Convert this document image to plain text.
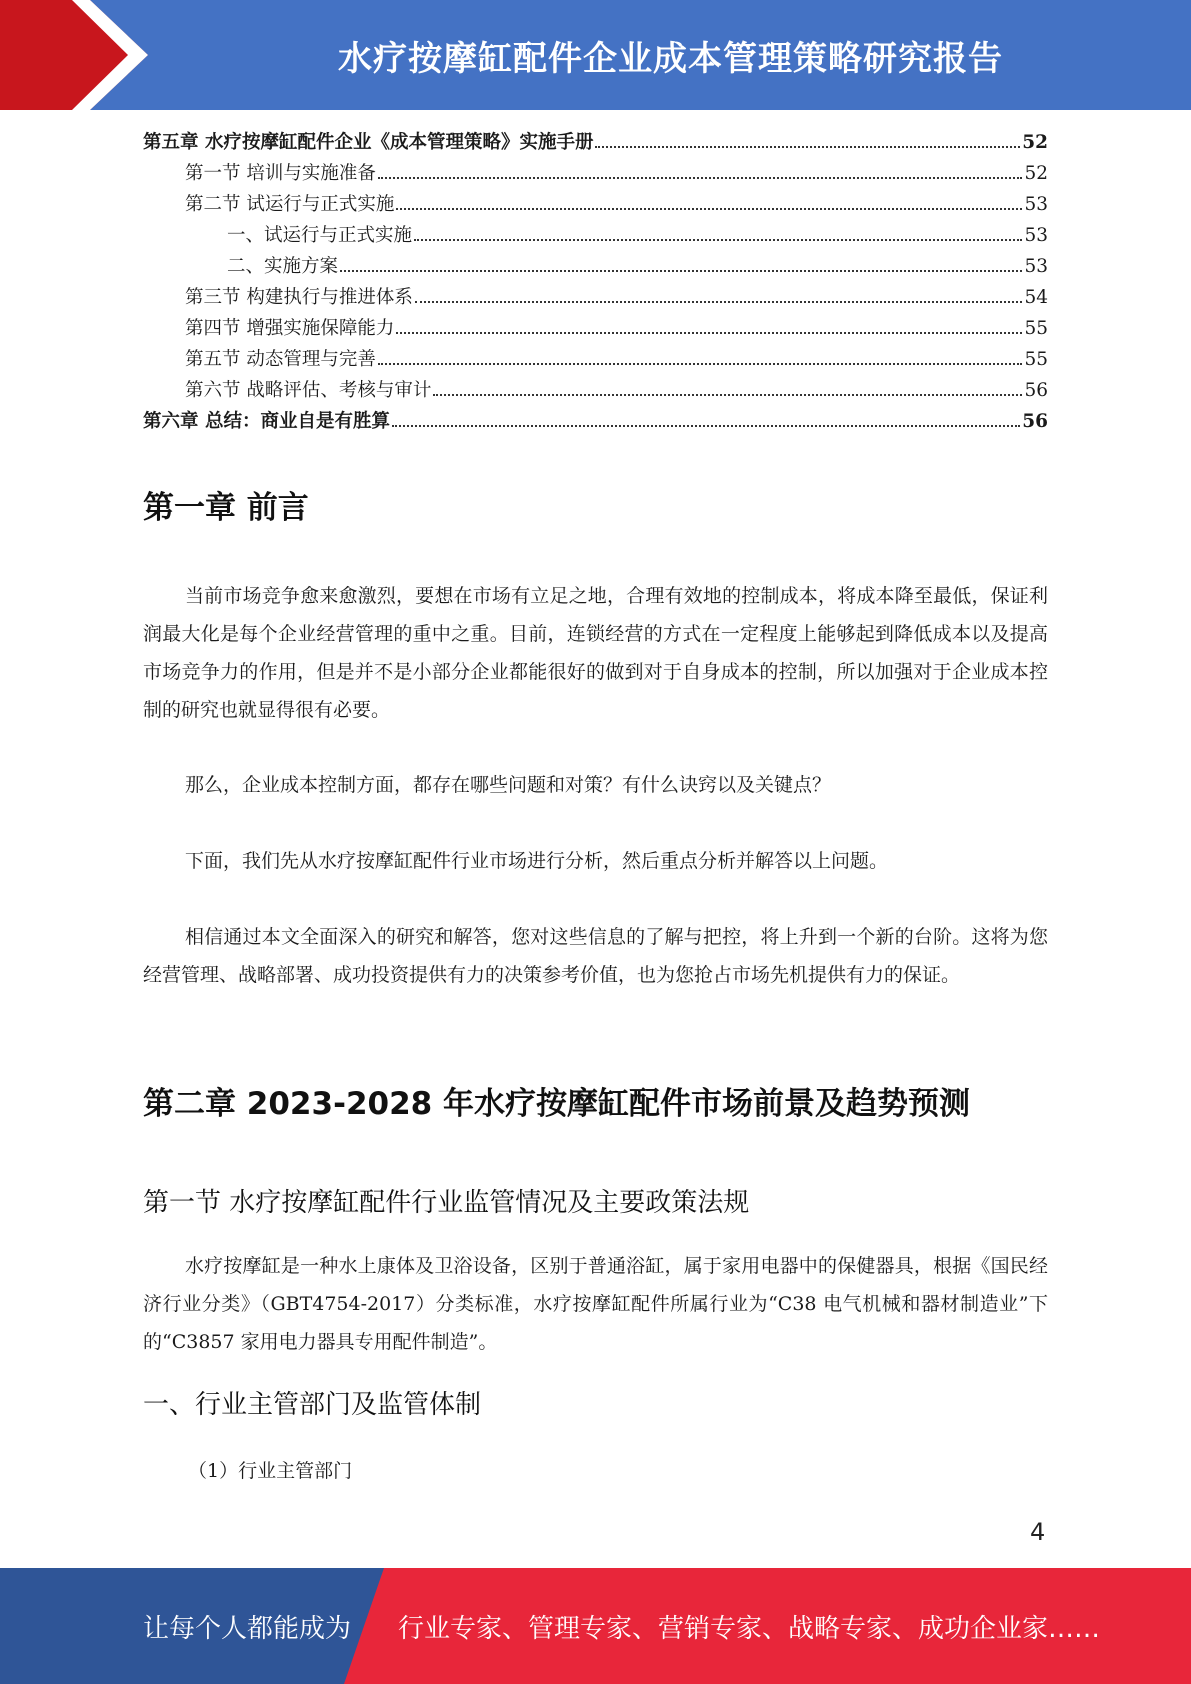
水疗按摩缸配件企业成本管理策略研究报告
第五章 水疗按摩缸配件企业《成本管理策略》实施手册	52
第一节 培训与实施准备	52
第二节 试运行与正式实施	53
一、试运行与正式实施	53
二、实施方案	53
第三节 构建执行与推进体系	54
第四节 增强实施保障能力	55
第五节 动态管理与完善	55
第六节 战略评估、考核与审计	56
第六章 总结：商业自是有胜算	56
第一章 前言

当前市场竞争愈来愈激烈，要想在市场有立足之地，合理有效地的控制成本，将成本降至最低，保证利润最大化是每个企业经营管理的重中之重。目前，连锁经营的方式在一定程度上能够起到降低成本以及提高市场竞争力的作用，但是并不是小部分企业都能很好的做到对于自身成本的控制，所以加强对于企业成本控制的研究也就显得很有必要。

那么，企业成本控制方面，都存在哪些问题和对策？有什么诀窍以及关键点？

下面，我们先从水疗按摩缸配件行业市场进行分析，然后重点分析并解答以上问题。

相信通过本文全面深入的研究和解答，您对这些信息的了解与把控，将上升到一个新的台阶。这将为您经营管理、战略部署、成功投资提供有力的决策参考价值，也为您抢占市场先机提供有力的保证。

第二章 2023-2028 年水疗按摩缸配件市场前景及趋势预测
第一节 水疗按摩缸配件行业监管情况及主要政策法规

水疗按摩缸是一种水上康体及卫浴设备，区别于普通浴缸，属于家用电器中的保健器具，根据《国民经济行业分类》（GBT4754-2017）分类标准，水疗按摩缸配件所属行业为“C38 电气机械和器材制造业”下的“C3857 家用电力器具专用配件制造”。

一、行业主管部门及监管体制

（1）行业主管部门

4
让每个人都能成为 行业专家、管理专家、营销专家、战略专家、成功企业家……
